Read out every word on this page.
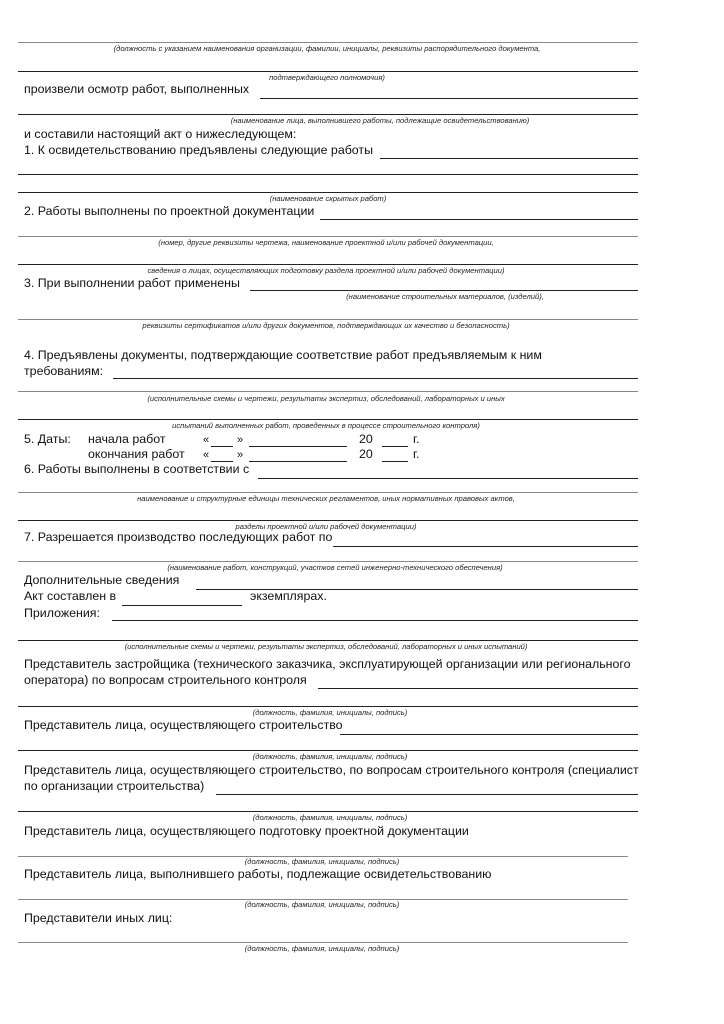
(должность с указанием наименования организации, фамилии, инициалы, реквизиты распорядительного документа,
подтверждающего полномочия)
произвели осмотр работ, выполненных
(наименование лица, выполнившего работы, подлежащие освидетельствованию)
и составили настоящий акт о нижеследующем:
1. К освидетельствованию предъявлены следующие работы
(наименование скрытых работ)
2. Работы выполнены по проектной документации
(номер, другие реквизиты чертежа, наименование проектной и/или рабочей документации,
сведения о лицах, осуществляющих подготовку раздела проектной и/или рабочей документации)
3. При выполнении работ применены
(наименование строительных материалов, (изделий),
реквизиты сертификатов и/или других документов, подтверждающих их качество и безопасность)
4. Предъявлены документы, подтверждающие соответствие работ предъявляемым к ним
требованиям:
(исполнительные схемы и чертежи, результаты экспертиз, обследований, лабораторных и иных
испытаний выполненных работ, проведенных в процессе строительного контроля)
5. Даты: начала работ	«	»	20	г.
окончания работ «	»	20	г.
6. Работы выполнены в соответствии с
наименование и структурные единицы технических регламентов, иных нормативных правовых актов,
разделы проектной и/или рабочей документации)
7. Разрешается производство последующих работ по
(наименование работ, конструкций, участков сетей инженерно-технического обеспечения)
Дополнительные сведения
Акт составлен в	экземплярах.
Приложения:
(исполнительные схемы и чертежи, результаты экспертиз, обследований, лабораторных и иных испытаний)
Представитель застройщика (технического заказчика, эксплуатирующей организации или регионального
оператора) по вопросам строительного контроля
(должность, фамилия, инициалы, подпись)
Представитель лица, осуществляющего строительство
(должность, фамилия, инициалы, подпись)
Представитель лица, осуществляющего строительство, по вопросам строительного контроля (специалист
по организации строительства)
(должность, фамилия, инициалы, подпись)
Представитель лица, осуществляющего подготовку проектной документации
(должность, фамилия, инициалы, подпись)
Представитель лица, выполнившего работы, подлежащие освидетельствованию
(должность, фамилия, инициалы, подпись)
Представители иных лиц:
(должность, фамилия, инициалы, подпись)
